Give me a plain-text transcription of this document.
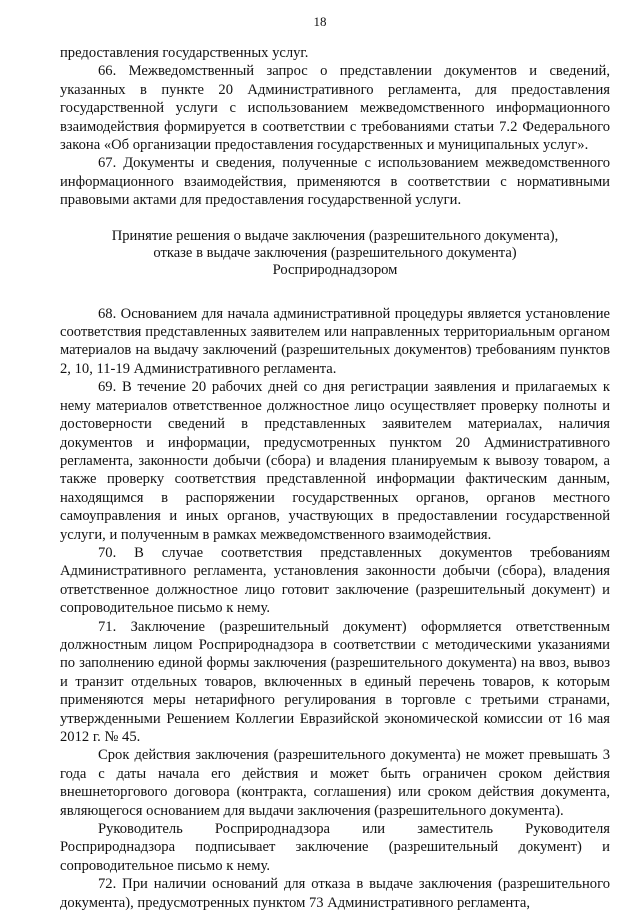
18

предоставления государственных услуг.

66. Межведомственный запрос о представлении документов и сведений, указанных в пункте 20 Административного регламента, для предоставления государственной услуги с использованием межведомственного информационного взаимодействия формируется в соответствии с требованиями статьи 7.2 Федерального закона «Об организации предоставления государственных и муниципальных услуг».

67. Документы и сведения, полученные с использованием межведомственного информационного взаимодействия, применяются в соответствии с нормативными правовыми актами для предоставления государственной услуги.

Принятие решения о выдаче заключения (разрешительного документа),
отказе в выдаче заключения (разрешительного документа)
Росприроднадзором

68. Основанием для начала административной процедуры является установление соответствия представленных заявителем или направленных территориальным органом материалов на выдачу заключений (разрешительных документов) требованиям пунктов 2, 10, 11-19 Административного регламента.

69. В течение 20 рабочих дней со дня регистрации заявления и прилагаемых к нему материалов ответственное должностное лицо осуществляет проверку полноты и достоверности сведений в представленных заявителем материалах, наличия документов и информации, предусмотренных пунктом 20 Административного регламента, законности добычи (сбора) и владения планируемым к вывозу товаром, а также проверку соответствия представленной информации фактическим данным, находящимся в распоряжении государственных органов, органов местного самоуправления и иных органов, участвующих в предоставлении государственной услуги, и полученным в рамках межведомственного взаимодействия.

70. В случае соответствия представленных документов требованиям Административного регламента, установления законности добычи (сбора), владения ответственное должностное лицо готовит заключение (разрешительный документ) и сопроводительное письмо к нему.

71. Заключение (разрешительный документ) оформляется ответственным должностным лицом Росприроднадзора в соответствии с методическими указаниями по заполнению единой формы заключения (разрешительного документа) на ввоз, вывоз и транзит отдельных товаров, включенных в единый перечень товаров, к которым применяются меры нетарифного регулирования в торговле с третьими странами, утвержденными Решением Коллегии Евразийской экономической комиссии от 16 мая 2012 г. № 45.

Срок действия заключения (разрешительного документа) не может превышать 3 года с даты начала его действия и может быть ограничен сроком действия внешнеторгового договора (контракта, соглашения) или сроком действия документа, являющегося основанием для выдачи заключения (разрешительного документа).

Руководитель Росприроднадзора или заместитель Руководителя Росприроднадзора подписывает заключение (разрешительный документ) и сопроводительное письмо к нему.

72. При наличии оснований для отказа в выдаче заключения (разрешительного документа), предусмотренных пунктом 73 Административного регламента,
